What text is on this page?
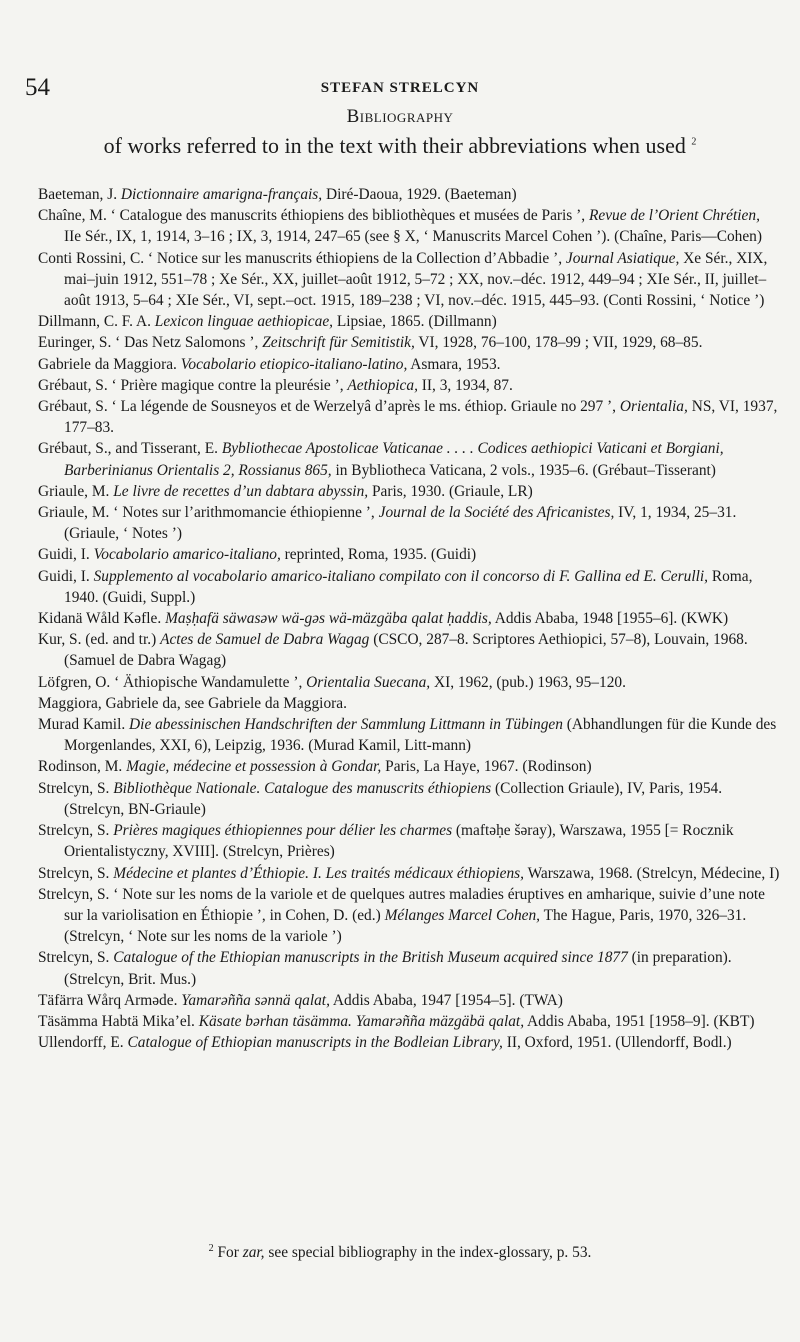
54	STEFAN STRELCYN
Bibliography
of works referred to in the text with their abbreviations when used $^2$

Baeteman, J. Dictionnaire amarigna-français, Diré-Daoua, 1929. (Baeteman)

Chaîne, M. ‘ Catalogue des manuscrits éthiopiens des bibliothèques et musées de Paris ’, Revue de l’Orient Chrétien, IIe Sér., IX, 1, 1914, 3–16 ; IX, 3, 1914, 247–65 (see § X, ‘ Manuscrits Marcel Cohen ’). (Chaîne, Paris—Cohen)

Conti Rossini, C. ‘ Notice sur les manuscrits éthiopiens de la Collection d’Abbadie ’, Journal Asiatique, Xe Sér., XIX, mai–juin 1912, 551–78 ; Xe Sér., XX, juillet–août 1912, 5–72 ; XX, nov.–déc. 1912, 449–94 ; XIe Sér., II, juillet–août 1913, 5–64 ; XIe Sér., VI, sept.–oct. 1915, 189–238 ; VI, nov.–déc. 1915, 445–93. (Conti Rossini, ‘ Notice ’)

Dillmann, C. F. A. Lexicon linguae aethiopicae, Lipsiae, 1865. (Dillmann)

Euringer, S. ‘ Das Netz Salomons ’, Zeitschrift für Semitistik, VI, 1928, 76–100, 178–99 ; VII, 1929, 68–85.

Gabriele da Maggiora. Vocabolario etiopico-italiano-latino, Asmara, 1953.

Grébaut, S. ‘ Prière magique contre la pleurésie ’, Aethiopica, II, 3, 1934, 87.

Grébaut, S. ‘ La légende de Sousneyos et de Werzelyâ d’après le ms. éthiop. Griaule no 297 ’, Orientalia, NS, VI, 1937, 177–83.

Grébaut, S., and Tisserant, E. Bybliothecae Apostolicae Vaticanae . . . . Codices aethiopici Vaticani et Borgiani, Barberinianus Orientalis 2, Rossianus 865, in Bybliotheca Vaticana, 2 vols., 1935–6. (Grébaut–Tisserant)

Griaule, M. Le livre de recettes d’un dabtara abyssin, Paris, 1930. (Griaule, LR)

Griaule, M. ‘ Notes sur l’arithmomancie éthiopienne ’, Journal de la Société des Africanistes, IV, 1, 1934, 25–31. (Griaule, ‘ Notes ’)

Guidi, I. Vocabolario amarico-italiano, reprinted, Roma, 1935. (Guidi)

Guidi, I. Supplemento al vocabolario amarico-italiano compilato con il concorso di F. Gallina ed E. Cerulli, Roma, 1940. (Guidi, Suppl.)

Kidanä Wåld Kəfle. Maṣḥafä säwasəw wä-gəs wä-mäzgäba qalat ḥaddis, Addis Ababa, 1948 [1955–6]. (KWK)

Kur, S. (ed. and tr.) Actes de Samuel de Dabra Wagag (CSCO, 287–8. Scriptores Aethiopici, 57–8), Louvain, 1968. (Samuel de Dabra Wagag)

Löfgren, O. ‘ Äthiopische Wandamulette ’, Orientalia Suecana, XI, 1962, (pub.) 1963, 95–120.

Maggiora, Gabriele da, see Gabriele da Maggiora.

Murad Kamil. Die abessinischen Handschriften der Sammlung Littmann in Tübingen (Abhandlungen für die Kunde des Morgenlandes, XXI, 6), Leipzig, 1936. (Murad Kamil, Litt-mann)

Rodinson, M. Magie, médecine et possession à Gondar, Paris, La Haye, 1967. (Rodinson)

Strelcyn, S. Bibliothèque Nationale. Catalogue des manuscrits éthiopiens (Collection Griaule), IV, Paris, 1954. (Strelcyn, BN-Griaule)

Strelcyn, S. Prières magiques éthiopiennes pour délier les charmes (maftəḥe šəray), Warszawa, 1955 [= Rocznik Orientalistyczny, XVIII]. (Strelcyn, Prières)

Strelcyn, S. Médecine et plantes d’Éthiopie. I. Les traités médicaux éthiopiens, Warszawa, 1968. (Strelcyn, Médecine, I)

Strelcyn, S. ‘ Note sur les noms de la variole et de quelques autres maladies éruptives en amharique, suivie d’une note sur la variolisation en Éthiopie ’, in Cohen, D. (ed.) Mélanges Marcel Cohen, The Hague, Paris, 1970, 326–31. (Strelcyn, ‘ Note sur les noms de la variole ’)

Strelcyn, S. Catalogue of the Ethiopian manuscripts in the British Museum acquired since 1877 (in preparation). (Strelcyn, Brit. Mus.)

Täfärra Wårq Armədе. Yamarəñña sənnä qalat, Addis Ababa, 1947 [1954–5]. (TWA)

Täsämma Habtä Mika’el. Käsate bərhan täsämma. Yamarəñña mäzgäbä qalat, Addis Ababa, 1951 [1958–9]. (KBT)

Ullendorff, E. Catalogue of Ethiopian manuscripts in the Bodleian Library, II, Oxford, 1951. (Ullendorff, Bodl.)

$^2$ For zar, see special bibliography in the index-glossary, p. 53.
